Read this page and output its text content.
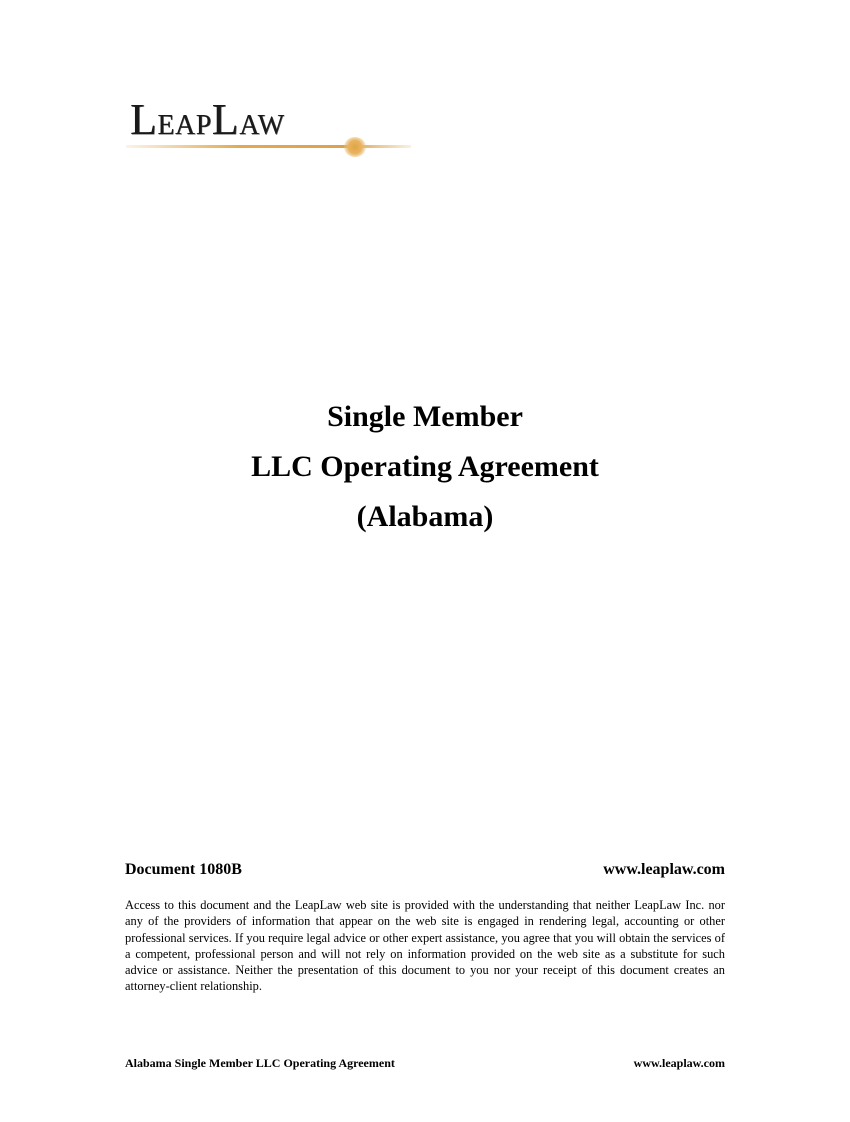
LeapLaw
Single Member
LLC Operating Agreement
(Alabama)
Document 1080B	www.leaplaw.com
Access to this document and the LeapLaw web site is provided with the understanding that neither LeapLaw Inc. nor any of the providers of information that appear on the web site is engaged in rendering legal, accounting or other professional services. If you require legal advice or other expert assistance, you agree that you will obtain the services of a competent, professional person and will not rely on information provided on the web site as a substitute for such advice or assistance. Neither the presentation of this document to you nor your receipt of this document creates an attorney-client relationship.
Alabama Single Member LLC Operating Agreement	www.leaplaw.com
